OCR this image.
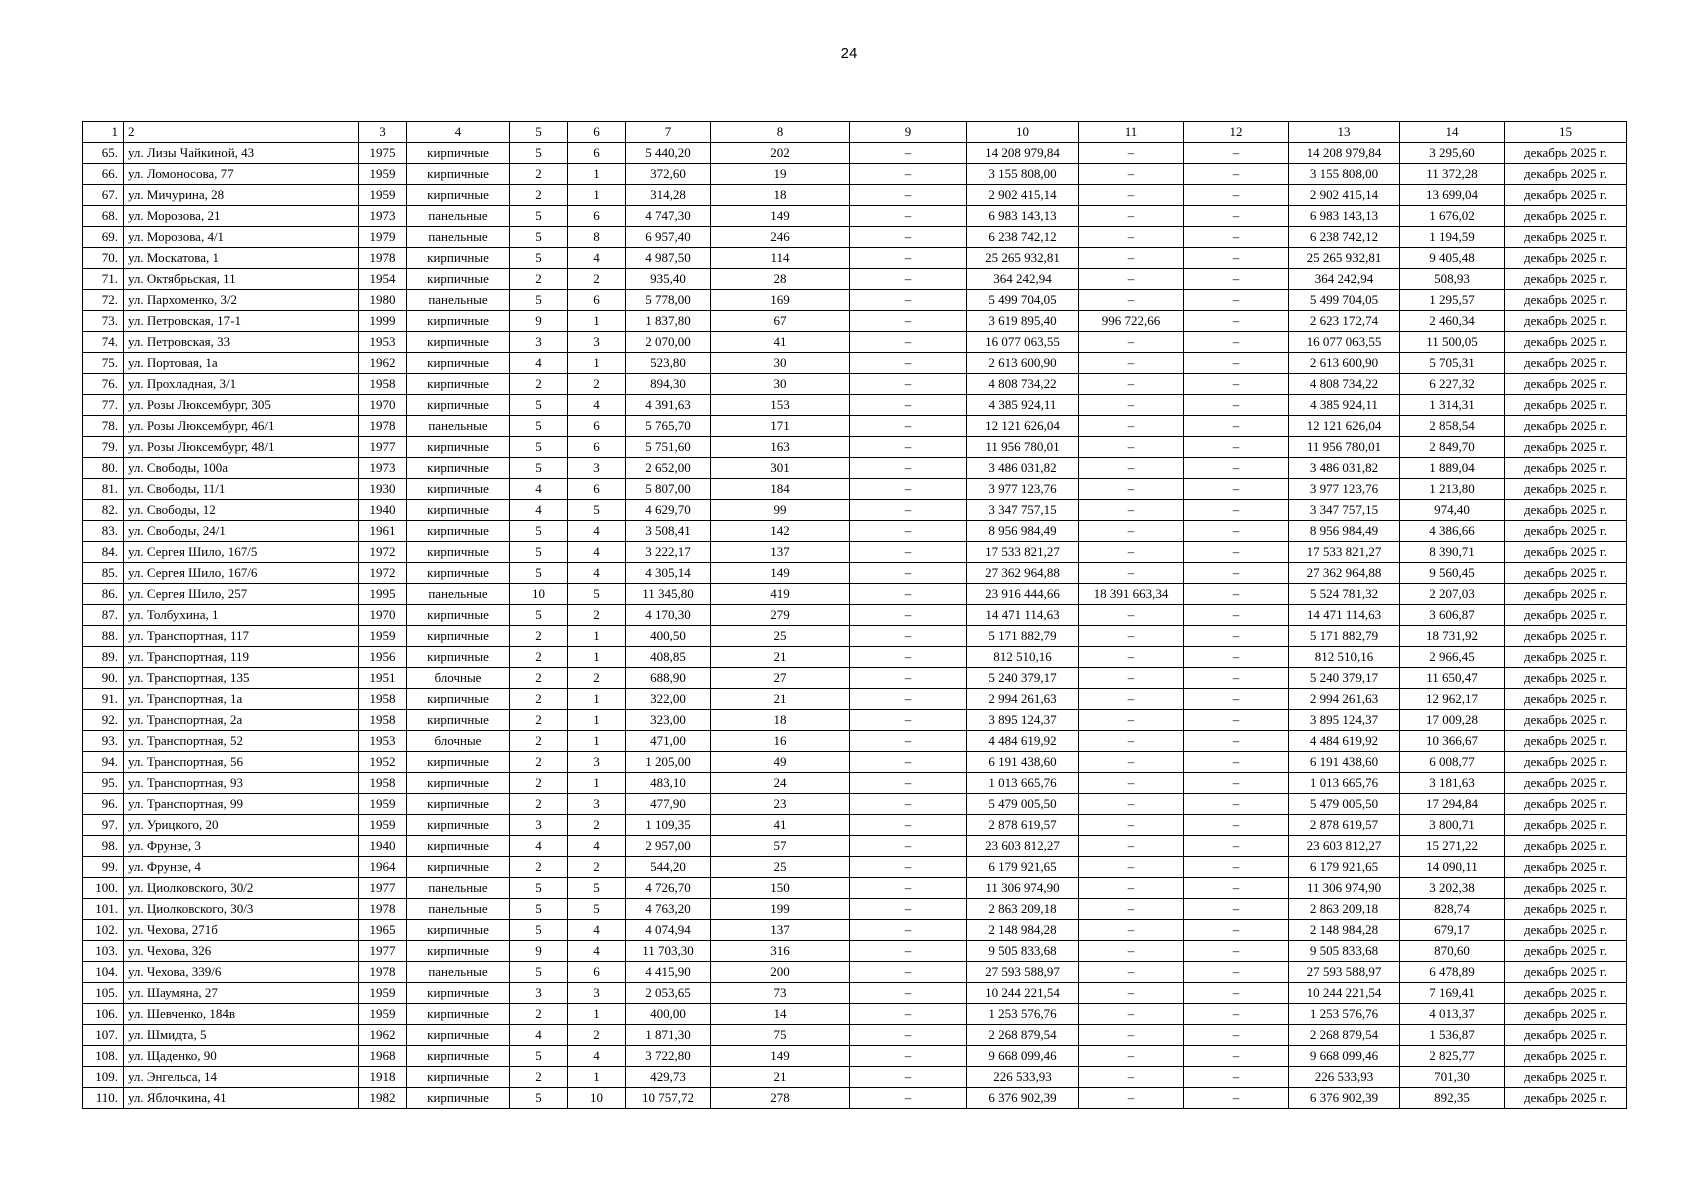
24
1	2	3	4	5	6	7	8	9	10	11	12	13	14	15
65.	ул. Лизы Чайкиной, 43	1975	кирпичные	5	6	5 440,20	202	–	14 208 979,84	–	–	14 208 979,84	3 295,60	декабрь 2025 г.
66.	ул. Ломоносова, 77	1959	кирпичные	2	1	372,60	19	–	3 155 808,00	–	–	3 155 808,00	11 372,28	декабрь 2025 г.
67.	ул. Мичурина, 28	1959	кирпичные	2	1	314,28	18	–	2 902 415,14	–	–	2 902 415,14	13 699,04	декабрь 2025 г.
68.	ул. Морозова, 21	1973	панельные	5	6	4 747,30	149	–	6 983 143,13	–	–	6 983 143,13	1 676,02	декабрь 2025 г.
69.	ул. Морозова, 4/1	1979	панельные	5	8	6 957,40	246	–	6 238 742,12	–	–	6 238 742,12	1 194,59	декабрь 2025 г.
70.	ул. Москатова, 1	1978	кирпичные	5	4	4 987,50	114	–	25 265 932,81	–	–	25 265 932,81	9 405,48	декабрь 2025 г.
71.	ул. Октябрьская, 11	1954	кирпичные	2	2	935,40	28	–	364 242,94	–	–	364 242,94	508,93	декабрь 2025 г.
72.	ул. Пархоменко, 3/2	1980	панельные	5	6	5 778,00	169	–	5 499 704,05	–	–	5 499 704,05	1 295,57	декабрь 2025 г.
73.	ул. Петровская, 17-1	1999	кирпичные	9	1	1 837,80	67	–	3 619 895,40	996 722,66	–	2 623 172,74	2 460,34	декабрь 2025 г.
74.	ул. Петровская, 33	1953	кирпичные	3	3	2 070,00	41	–	16 077 063,55	–	–	16 077 063,55	11 500,05	декабрь 2025 г.
75.	ул. Портовая, 1а	1962	кирпичные	4	1	523,80	30	–	2 613 600,90	–	–	2 613 600,90	5 705,31	декабрь 2025 г.
76.	ул. Прохладная, 3/1	1958	кирпичные	2	2	894,30	30	–	4 808 734,22	–	–	4 808 734,22	6 227,32	декабрь 2025 г.
77.	ул. Розы Люксембург, 305	1970	кирпичные	5	4	4 391,63	153	–	4 385 924,11	–	–	4 385 924,11	1 314,31	декабрь 2025 г.
78.	ул. Розы Люксембург, 46/1	1978	панельные	5	6	5 765,70	171	–	12 121 626,04	–	–	12 121 626,04	2 858,54	декабрь 2025 г.
79.	ул. Розы Люксембург, 48/1	1977	кирпичные	5	6	5 751,60	163	–	11 956 780,01	–	–	11 956 780,01	2 849,70	декабрь 2025 г.
80.	ул. Свободы, 100а	1973	кирпичные	5	3	2 652,00	301	–	3 486 031,82	–	–	3 486 031,82	1 889,04	декабрь 2025 г.
81.	ул. Свободы, 11/1	1930	кирпичные	4	6	5 807,00	184	–	3 977 123,76	–	–	3 977 123,76	1 213,80	декабрь 2025 г.
82.	ул. Свободы, 12	1940	кирпичные	4	5	4 629,70	99	–	3 347 757,15	–	–	3 347 757,15	974,40	декабрь 2025 г.
83.	ул. Свободы, 24/1	1961	кирпичные	5	4	3 508,41	142	–	8 956 984,49	–	–	8 956 984,49	4 386,66	декабрь 2025 г.
84.	ул. Сергея Шило, 167/5	1972	кирпичные	5	4	3 222,17	137	–	17 533 821,27	–	–	17 533 821,27	8 390,71	декабрь 2025 г.
85.	ул. Сергея Шило, 167/6	1972	кирпичные	5	4	4 305,14	149	–	27 362 964,88	–	–	27 362 964,88	9 560,45	декабрь 2025 г.
86.	ул. Сергея Шило, 257	1995	панельные	10	5	11 345,80	419	–	23 916 444,66	18 391 663,34	–	5 524 781,32	2 207,03	декабрь 2025 г.
87.	ул. Толбухина, 1	1970	кирпичные	5	2	4 170,30	279	–	14 471 114,63	–	–	14 471 114,63	3 606,87	декабрь 2025 г.
88.	ул. Транспортная, 117	1959	кирпичные	2	1	400,50	25	–	5 171 882,79	–	–	5 171 882,79	18 731,92	декабрь 2025 г.
89.	ул. Транспортная, 119	1956	кирпичные	2	1	408,85	21	–	812 510,16	–	–	812 510,16	2 966,45	декабрь 2025 г.
90.	ул. Транспортная, 135	1951	блочные	2	2	688,90	27	–	5 240 379,17	–	–	5 240 379,17	11 650,47	декабрь 2025 г.
91.	ул. Транспортная, 1а	1958	кирпичные	2	1	322,00	21	–	2 994 261,63	–	–	2 994 261,63	12 962,17	декабрь 2025 г.
92.	ул. Транспортная, 2а	1958	кирпичные	2	1	323,00	18	–	3 895 124,37	–	–	3 895 124,37	17 009,28	декабрь 2025 г.
93.	ул. Транспортная, 52	1953	блочные	2	1	471,00	16	–	4 484 619,92	–	–	4 484 619,92	10 366,67	декабрь 2025 г.
94.	ул. Транспортная, 56	1952	кирпичные	2	3	1 205,00	49	–	6 191 438,60	–	–	6 191 438,60	6 008,77	декабрь 2025 г.
95.	ул. Транспортная, 93	1958	кирпичные	2	1	483,10	24	–	1 013 665,76	–	–	1 013 665,76	3 181,63	декабрь 2025 г.
96.	ул. Транспортная, 99	1959	кирпичные	2	3	477,90	23	–	5 479 005,50	–	–	5 479 005,50	17 294,84	декабрь 2025 г.
97.	ул. Урицкого, 20	1959	кирпичные	3	2	1 109,35	41	–	2 878 619,57	–	–	2 878 619,57	3 800,71	декабрь 2025 г.
98.	ул. Фрунзе, 3	1940	кирпичные	4	4	2 957,00	57	–	23 603 812,27	–	–	23 603 812,27	15 271,22	декабрь 2025 г.
99.	ул. Фрунзе, 4	1964	кирпичные	2	2	544,20	25	–	6 179 921,65	–	–	6 179 921,65	14 090,11	декабрь 2025 г.
100.	ул. Циолковского, 30/2	1977	панельные	5	5	4 726,70	150	–	11 306 974,90	–	–	11 306 974,90	3 202,38	декабрь 2025 г.
101.	ул. Циолковского, 30/3	1978	панельные	5	5	4 763,20	199	–	2 863 209,18	–	–	2 863 209,18	828,74	декабрь 2025 г.
102.	ул. Чехова, 271б	1965	кирпичные	5	4	4 074,94	137	–	2 148 984,28	–	–	2 148 984,28	679,17	декабрь 2025 г.
103.	ул. Чехова, 326	1977	кирпичные	9	4	11 703,30	316	–	9 505 833,68	–	–	9 505 833,68	870,60	декабрь 2025 г.
104.	ул. Чехова, 339/6	1978	панельные	5	6	4 415,90	200	–	27 593 588,97	–	–	27 593 588,97	6 478,89	декабрь 2025 г.
105.	ул. Шаумяна, 27	1959	кирпичные	3	3	2 053,65	73	–	10 244 221,54	–	–	10 244 221,54	7 169,41	декабрь 2025 г.
106.	ул. Шевченко, 184в	1959	кирпичные	2	1	400,00	14	–	1 253 576,76	–	–	1 253 576,76	4 013,37	декабрь 2025 г.
107.	ул. Шмидта, 5	1962	кирпичные	4	2	1 871,30	75	–	2 268 879,54	–	–	2 268 879,54	1 536,87	декабрь 2025 г.
108.	ул. Щаденко, 90	1968	кирпичные	5	4	3 722,80	149	–	9 668 099,46	–	–	9 668 099,46	2 825,77	декабрь 2025 г.
109.	ул. Энгельса, 14	1918	кирпичные	2	1	429,73	21	–	226 533,93	–	–	226 533,93	701,30	декабрь 2025 г.
110.	ул. Яблочкина, 41	1982	кирпичные	5	10	10 757,72	278	–	6 376 902,39	–	–	6 376 902,39	892,35	декабрь 2025 г.
